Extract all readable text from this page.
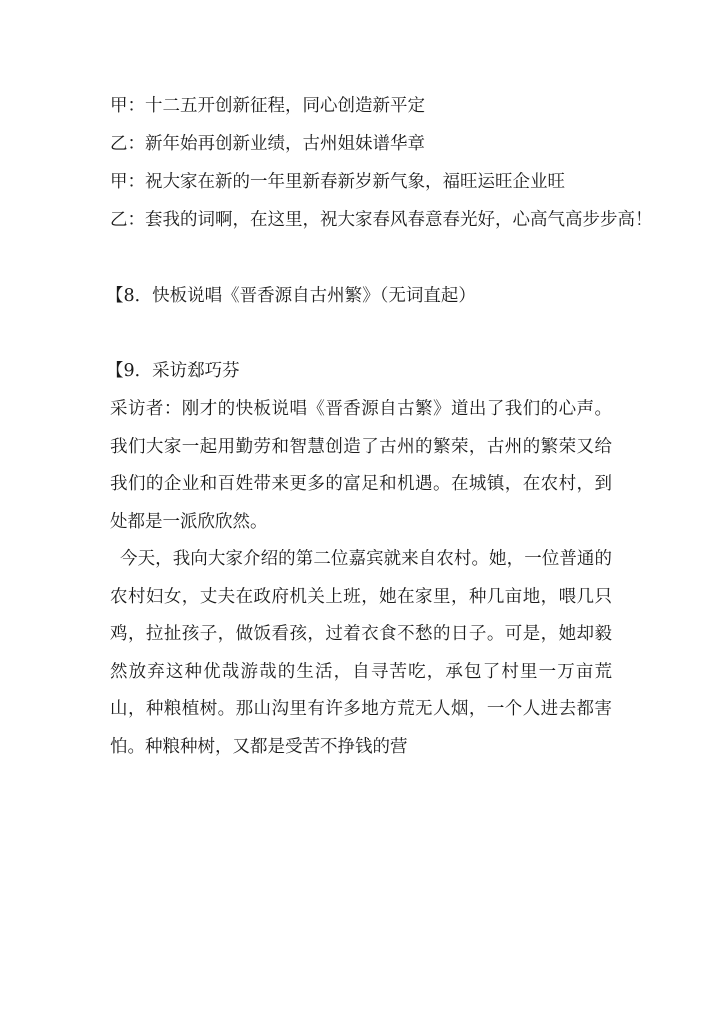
甲：十二五开创新征程，同心创造新平定
乙：新年始再创新业绩，古州姐妹谱华章
甲：祝大家在新的一年里新春新岁新气象，福旺运旺企业旺
乙：套我的词啊，在这里，祝大家春风春意春光好，心高气高步步高！
【8．快板说唱《晋香源自古州繁》（无词直起）
【9．采访郄巧芬
采访者：刚才的快板说唱《晋香源自古繁》道出了我们的心声。我们大家一起用勤劳和智慧创造了古州的繁荣，古州的繁荣又给我们的企业和百姓带来更多的富足和机遇。在城镇，在农村，到处都是一派欣欣然。
今天，我向大家介绍的第二位嘉宾就来自农村。她，一位普通的农村妇女，丈夫在政府机关上班，她在家里，种几亩地，喂几只鸡，拉扯孩子，做饭看孩，过着衣食不愁的日子。可是，她却毅然放弃这种优哉游哉的生活，自寻苦吃，承包了村里一万亩荒山，种粮植树。那山沟里有许多地方荒无人烟，一个人进去都害怕。种粮种树，又都是受苦不挣钱的营
